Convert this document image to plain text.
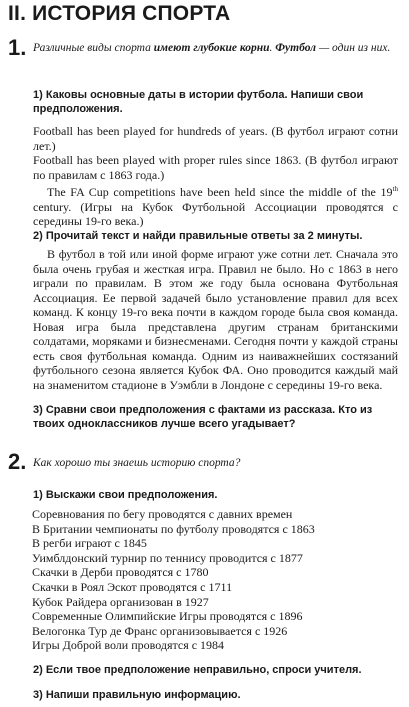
II. ИСТОРИЯ СПОРТА
1. Различные виды спорта имеют глубокие корни. Футбол — один из них.
1) Каковы основные даты в истории футбола. Напиши свои предположения.
Football has been played for hundreds of years. (В футбол играют сотни лет.)
Football has been played with proper rules since 1863. (В футбол играют по правилам с 1863 года.)
The FA Cup competitions have been held since the middle of the 19th century. (Игры на Кубок Футбольной Ассоциации проводятся с середины 19-го века.)
2) Прочитай текст и найди правильные ответы за 2 минуты.

В футбол в той или иной форме играют уже сотни лет. Сначала это была очень грубая и жесткая игра. Правил не было. Но с 1863 в него играли по правилам. В этом же году была основана Футбольная Ассоциация. Ее первой задачей было установление правил для всех команд. К концу 19-го века почти в каждом городе была своя команда. Новая игра была представлена другим странам британскими солдатами, моряками и бизнесменами. Сегодня почти у каждой страны есть своя футбольная команда. Одним из наиважнейших состязаний футбольного сезона является Кубок ФА. Оно проводится каждый май на знаменитом стадионе в Уэмбли в Лондоне с середины 19-го века.

3) Сравни свои предположения с фактами из рассказа. Кто из твоих одноклассников лучше всего угадывает?
2. Как хорошо ты знаешь историю спорта?
1) Выскажи свои предположения.
Соревнования по бегу проводятся с давних времен
В Британии чемпионаты по футболу проводятся с 1863
В регби играют с 1845
Уимблдонский турнир по теннису проводится с 1877
Скачки в Дерби проводятся с 1780
Скачки в Роял Эскот проводятся с 1711
Кубок Райдера организован в 1927
Современные Олимпийские Игры проводятся с 1896
Велогонка Тур де Франс организовывается с 1926
Игры Доброй воли проводятся с 1984
2) Если твое предположение неправильно, спроси учителя.
3) Напиши правильную информацию.
